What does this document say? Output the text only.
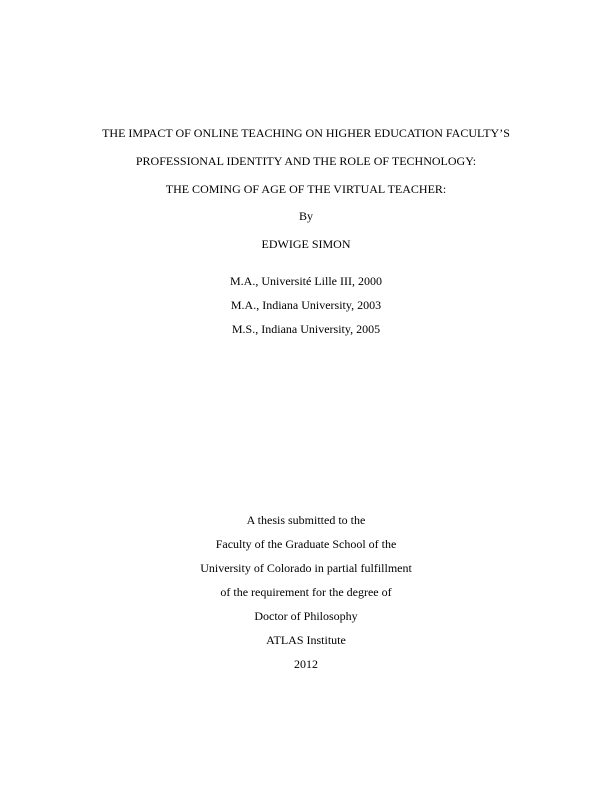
THE IMPACT OF ONLINE TEACHING ON HIGHER EDUCATION FACULTY’S
PROFESSIONAL IDENTITY AND THE ROLE OF TECHNOLOGY:
THE COMING OF AGE OF THE VIRTUAL TEACHER:
By
EDWIGE SIMON
M.A., Université Lille III, 2000
M.A., Indiana University, 2003
M.S., Indiana University, 2005
A thesis submitted to the
Faculty of the Graduate School of the
University of Colorado in partial fulfillment
of the requirement for the degree of
Doctor of Philosophy
ATLAS Institute
2012
